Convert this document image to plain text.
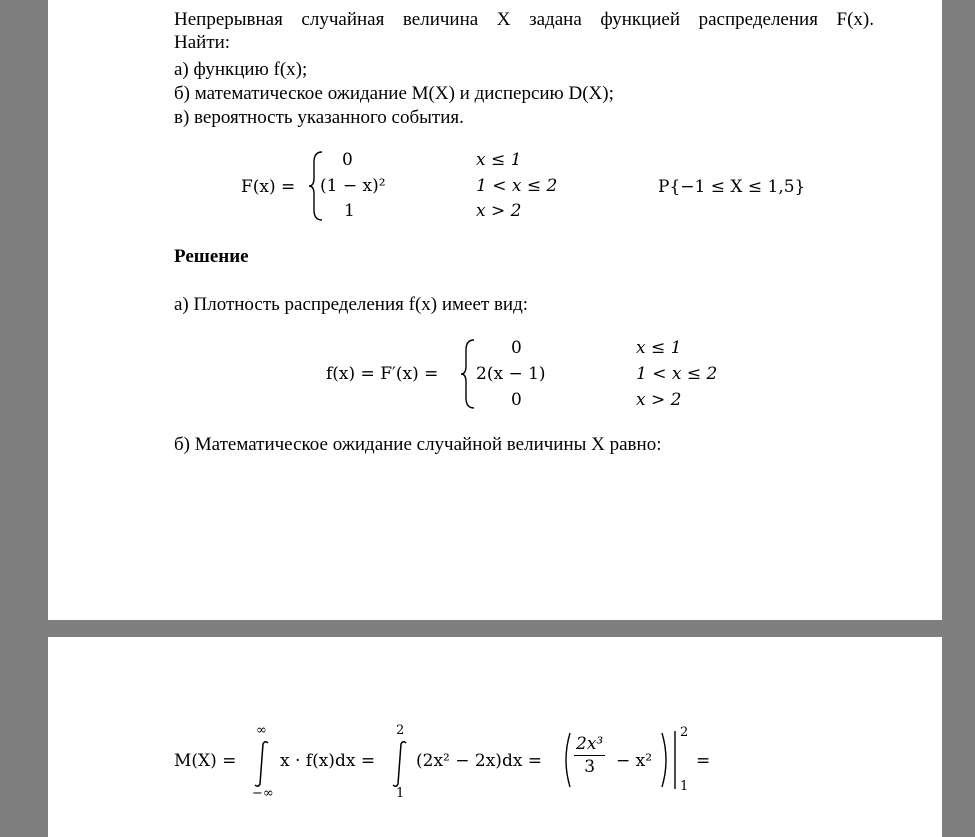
Непрерывная случайная величина X задана функцией распределения F(x).
Найти:
а) функцию f(x);
б) математическое ожидание M(X) и дисперсию D(X);
в) вероятность указанного события.
F(x) =
0
(1 − x)²
1
x ≤ 1
1 < x ≤ 2
x > 2
P{−1 ≤ X ≤ 1,5}
Решение
а) Плотность распределения f(x) имеет вид:
f(x) = F′(x) =
0
2(x − 1)
0
x ≤ 1
1 < x ≤ 2
x > 2
б) Математическое ожидание случайной величины X равно:
M(X) =
∞
−∞
x · f(x)dx =
2
1
$(2x^2 - 2x)dx = \frac{\text{2x³}}{3} - x^2$
2
1
=
